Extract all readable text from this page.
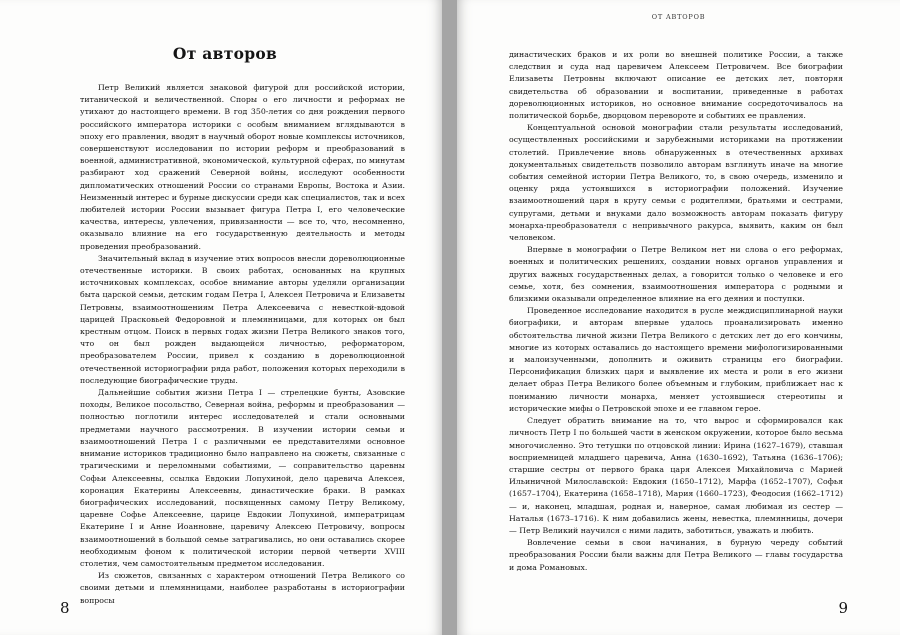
От авторов

Петр Великий является знаковой фигурой для российской истории, титанической и величественной. Споры о его личности и реформах не утихают до настоящего времени. В год 350-летия со дня рождения первого российского императора историки с особым вниманием вглядываются в эпоху его правления, вводят в научный оборот новые комплексы источников, совершенствуют исследования по истории реформ и преобразований в военной, административной, экономической, культурной сферах, по минутам разбирают ход сражений Северной войны, исследуют особенности дипломатических отношений России со странами Европы, Востока и Азии. Неизменный интерес и бурные дискуссии среди как специалистов, так и всех любителей истории России вызывает фигура Петра I, его человеческие качества, интересы, увлечения, привязанности — все то, что, несомненно, оказывало влияние на его государственную деятельность и методы проведения преобразований.

Значительный вклад в изучение этих вопросов внесли дореволюционные отечественные историки. В своих работах, основанных на крупных источниковых комплексах, особое внимание авторы уделяли организации быта царской семьи, детским годам Петра I, Алексея Петровича и Елизаветы Петровны, взаимоотношениям Петра Алексеевича с невесткой-вдовой царицей Прасковьей Федоровной и племянницами, для которых он был крестным отцом. Поиск в первых годах жизни Петра Великого знаков того, что он был рожден выдающейся личностью, реформатором, преобразователем России, привел к созданию в дореволюционной отечественной историографии ряда работ, положения которых переходили в последующие биографические труды.

Дальнейшие события жизни Петра I — стрелецкие бунты, Азовские походы, Великое посольство, Северная война, реформы и преобразования — полностью поглотили интерес исследователей и стали основными предметами научного рассмотрения. В изучении истории семьи и взаимоотношений Петра I с различными ее представителями основное внимание историков традиционно было направлено на сюжеты, связанные с трагическими и переломными событиями, — соправительство царевны Софьи Алексеевны, ссылка Евдокии Лопухиной, дело царевича Алексея, коронация Екатерины Алексеевны, династические браки. В рамках биографических исследований, посвященных самому Петру Великому, царевне Софье Алексеевне, царице Евдокии Лопухиной, императрицам Екатерине I и Анне Иоанновне, царевичу Алексею Петровичу, вопросы взаимоотношений в большой семье затрагивались, но они оставались скорее необходимым фоном к политической истории первой четверти XVIII столетия, чем самостоятельным предметом исследования.

Из сюжетов, связанных с характером отношений Петра Великого со своими детьми и племянницами, наиболее разработаны в историографии вопросы

8
ОТ АВТОРОВ

династических браков и их роли во внешней политике России, а также следствия и суда над царевичем Алексеем Петровичем. Все биографии Елизаветы Петровны включают описание ее детских лет, повторяя свидетельства об образовании и воспитании, приведенные в работах дореволюционных историков, но основное внимание сосредоточивалось на политической борьбе, дворцовом перевороте и событиях ее правления.

Концептуальной основой монографии стали результаты исследований, осуществленных российскими и зарубежными историками на протяжении столетий. Привлечение вновь обнаруженных в отечественных архивах документальных свидетельств позволило авторам взглянуть иначе на многие события семейной истории Петра Великого, то, в свою очередь, изменило и оценку ряда устоявшихся в историографии положений. Изучение взаимоотношений царя в кругу семьи с родителями, братьями и сестрами, супругами, детьми и внуками дало возможность авторам показать фигуру монарха-преобразователя с непривычного ракурса, выявить, каким он был человеком.

Впервые в монографии о Петре Великом нет ни слова о его реформах, военных и политических решениях, создании новых органов управления и других важных государственных делах, а говорится только о человеке и его семье, хотя, без сомнения, взаимоотношения императора с родными и близкими оказывали определенное влияние на его деяния и поступки.

Проведенное исследование находится в русле междисциплинарной науки биографики, и авторам впервые удалось проанализировать именно обстоятельства личной жизни Петра Великого с детских лет до его кончины, многие из которых оставались до настоящего времени мифологизированными и малоизученными, дополнить и оживить страницы его биографии. Персонификация близких царя и выявление их места и роли в его жизни делает образ Петра Великого более объемным и глубоким, приближает нас к пониманию личности монарха, меняет устоявшиеся стереотипы и исторические мифы о Петровской эпохе и ее главном герое.

Следует обратить внимание на то, что вырос и сформировался как личность Петр I по большей части в женском окружении, которое было весьма многочисленно. Это тетушки по отцовской линии: Ирина (1627–1679), ставшая восприемницей младшего царевича, Анна (1630–1692), Татьяна (1636–1706); старшие сестры от первого брака царя Алексея Михайловича с Марией Ильиничной Милославской: Евдокия (1650–1712), Марфа (1652–1707), Софья (1657–1704), Екатерина (1658–1718), Мария (1660–1723), Феодосия (1662–1712) — и, наконец, младшая, родная и, наверное, самая любимая из сестер — Наталья (1673–1716). К ним добавились жены, невестка, племянницы, дочери — Петр Великий научился с ними ладить, заботиться, уважать и любить.

Вовлечение семьи в свои начинания, в бурную череду событий преобразования России были важны для Петра Великого — главы государства и дома Романовых.

9
